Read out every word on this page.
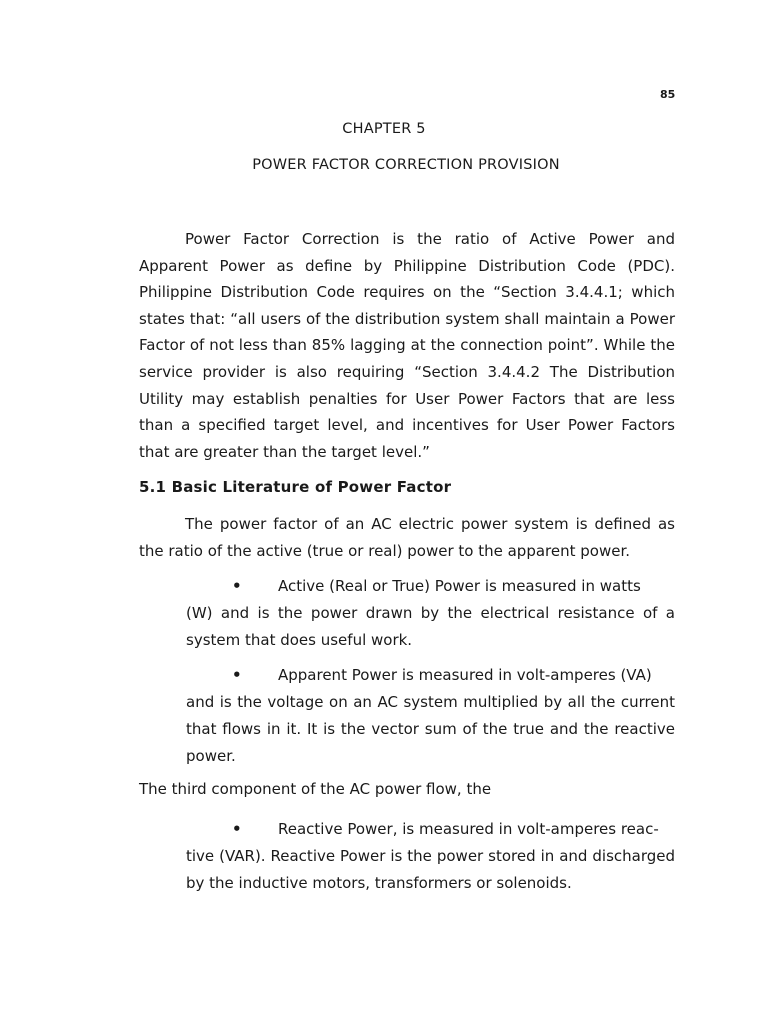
85
CHAPTER 5
POWER FACTOR CORRECTION PROVISION
Power Factor Correction is the ratio of Active Power and Apparent Power as define by Philippine Distribution Code (PDC). Philippine Distribution Code requires on the “Section 3.4.4.1; which states that: “all users of the distribution system shall maintain a Power Factor of not less than 85% lagging at the connection point”. While the service provider is also requiring “Section 3.4.4.2 The Distribution Utility may establish penalties for User Power Factors that are less than a specified target level, and incentives for User Power Factors that are greater than the target level.”
5.1 Basic Literature of Power Factor
The power factor of an AC electric power system is defined as the ratio of the active (true or real) power to the apparent power.
• Active (Real or True) Power is measured in watts
(W) and is the power drawn by the electrical resistance of a system that does useful work.
• Apparent Power is measured in volt-amperes (VA)
and is the voltage on an AC system multiplied by all the current that flows in it. It is the vector sum of the true and the reactive power.
The third component of the AC power flow, the
• Reactive Power, is measured in volt-amperes reac-
tive (VAR). Reactive Power is the power stored in and discharged by the inductive motors, transformers or solenoids.
